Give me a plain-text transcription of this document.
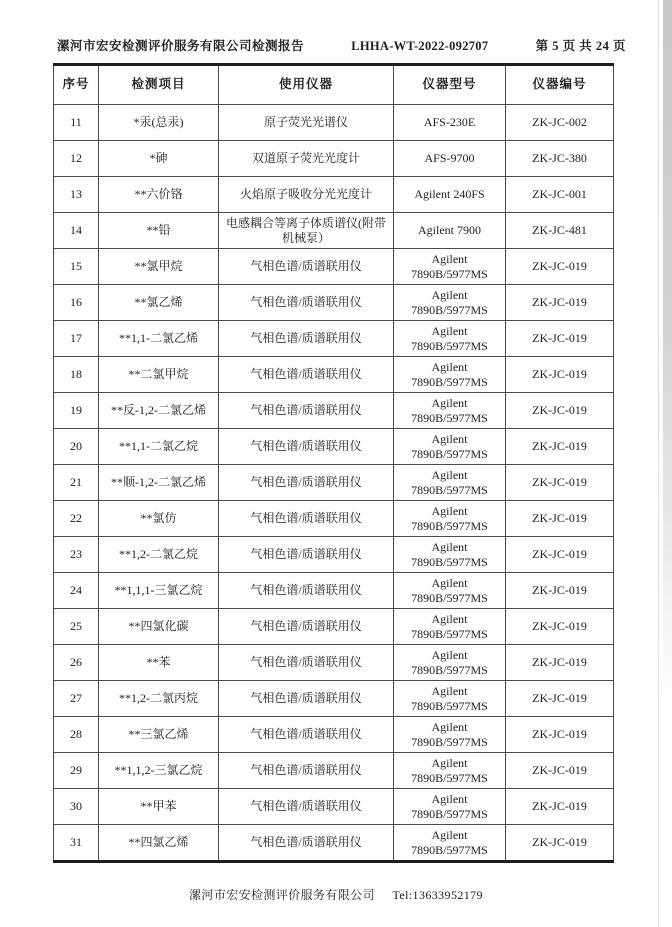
漯河市宏安检测评价服务有限公司检测报告	LHHA-WT-2022-092707	第 5 页 共 24 页
序号	检测项目	使用仪器	仪器型号	仪器编号
11	*汞(总汞)	原子荧光光谱仪	AFS-230E	ZK-JC-002
12	*砷	双道原子荧光光度计	AFS-9700	ZK-JC-380
13	**六价铬	火焰原子吸收分光光度计	Agilent 240FS	ZK-JC-001
14	**铅	电感耦合等离子体质谱仪(附带机械泵）	Agilent 7900	ZK-JC-481
15	**氯甲烷	气相色谱/质谱联用仪	Agilent 7890B/5977MS	ZK-JC-019
16	**氯乙烯	气相色谱/质谱联用仪	Agilent 7890B/5977MS	ZK-JC-019
17	**1,1-二氯乙烯	气相色谱/质谱联用仪	Agilent 7890B/5977MS	ZK-JC-019
18	**二氯甲烷	气相色谱/质谱联用仪	Agilent 7890B/5977MS	ZK-JC-019
19	**反-1,2-二氯乙烯	气相色谱/质谱联用仪	Agilent 7890B/5977MS	ZK-JC-019
20	**1,1-二氯乙烷	气相色谱/质谱联用仪	Agilent 7890B/5977MS	ZK-JC-019
21	**顺-1,2-二氯乙烯	气相色谱/质谱联用仪	Agilent 7890B/5977MS	ZK-JC-019
22	**氯仿	气相色谱/质谱联用仪	Agilent 7890B/5977MS	ZK-JC-019
23	**1,2-二氯乙烷	气相色谱/质谱联用仪	Agilent 7890B/5977MS	ZK-JC-019
24	**1,1,1-三氯乙烷	气相色谱/质谱联用仪	Agilent 7890B/5977MS	ZK-JC-019
25	**四氯化碳	气相色谱/质谱联用仪	Agilent 7890B/5977MS	ZK-JC-019
26	**苯	气相色谱/质谱联用仪	Agilent 7890B/5977MS	ZK-JC-019
27	**1,2-二氯丙烷	气相色谱/质谱联用仪	Agilent 7890B/5977MS	ZK-JC-019
28	**三氯乙烯	气相色谱/质谱联用仪	Agilent 7890B/5977MS	ZK-JC-019
29	**1,1,2-三氯乙烷	气相色谱/质谱联用仪	Agilent 7890B/5977MS	ZK-JC-019
30	**甲苯	气相色谱/质谱联用仪	Agilent 7890B/5977MS	ZK-JC-019
31	**四氯乙烯	气相色谱/质谱联用仪	Agilent 7890B/5977MS	ZK-JC-019
漯河市宏安检测评价服务有限公司 Tel:13633952179
